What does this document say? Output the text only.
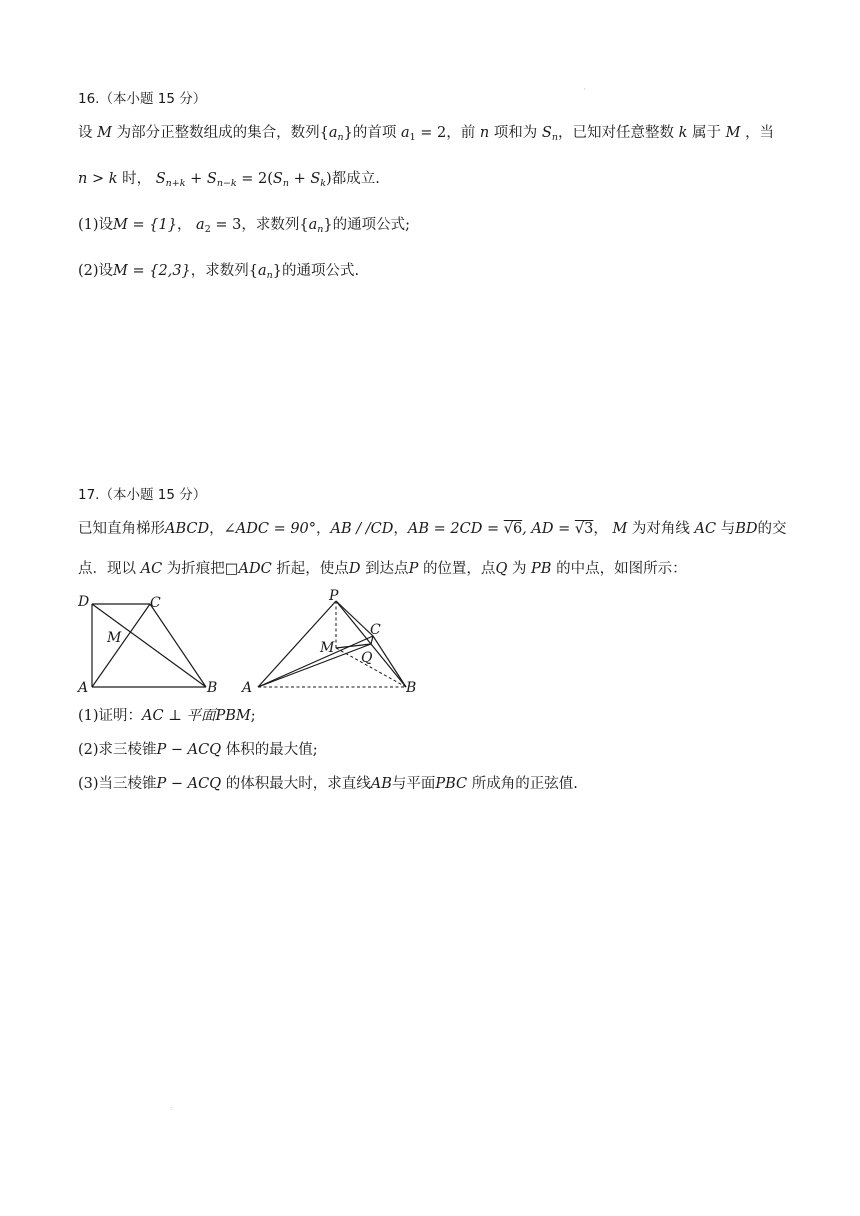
'
:
16.（本小题 15 分）
设 M 为部分正整数组成的集合，数列$\{a_n\}$的首项 $a_1 = 2$，前 n 项和为 $S_n$，已知对任意整数 k 属于 M ，当
n > k 时， $S_{n+k} + S_{n-k} = 2(S_n + S_k)$都成立.
(1)设M = {1}， $a_2 = 3$，求数列$\{a_n\}$的通项公式;
(2)设M = {2,3}，求数列$\{a_n\}$的通项公式.
17.（本小题 15 分）
已知直角梯形ABCD，∠ADC = 90°，AB / /CD，AB = 2CD = √6, AD = √3， M 为对角线 AC 与BD的交
点．现以 AC 为折痕把□ADC 折起，使点D 到达点P 的位置，点Q 为 PB 的中点，如图所示：
D	C
M
A	B
P
C
M
Q
A	B
(1)证明：AC ⊥ 平面PBM;
(2)求三棱锥P − ACQ 体积的最大值;
(3)当三棱锥P − ACQ 的体积最大时，求直线AB与平面PBC 所成角的正弦值.
